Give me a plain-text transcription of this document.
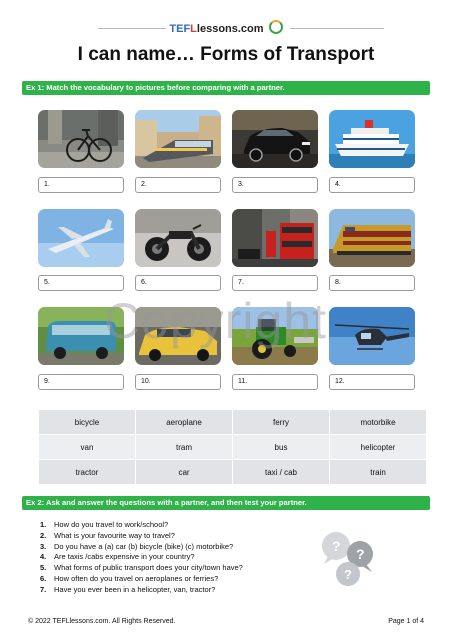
TEFLlessons.com
I can name… Forms of Transport
Ex 1: Match the vocabulary to pictures before comparing with a partner.
1.	2.	3.	4.
5.	6.	7.	8.
9.	10.	11.	12.
bicycle	aeroplane	ferry	motorbike
van	tram	bus	helicopter
tractor	car	taxi / cab	train
Ex 2: Ask and answer the questions with a partner, and then test your partner.
1. How do you travel to work/school?
2. What is your favourite way to travel?
3. Do you have a (a) car (b) bicycle (bike) (c) motorbike?
4. Are taxis /cabs expensive in your country?
5. What forms of public transport does your city/town have?
6. How often do you travel on aeroplanes or ferries?
7. Have you ever been in a helicopter, van, tractor?
? ?
?
Copyright
© 2022 TEFLlessons.com. All Rights Reserved.	Page 1 of 4
